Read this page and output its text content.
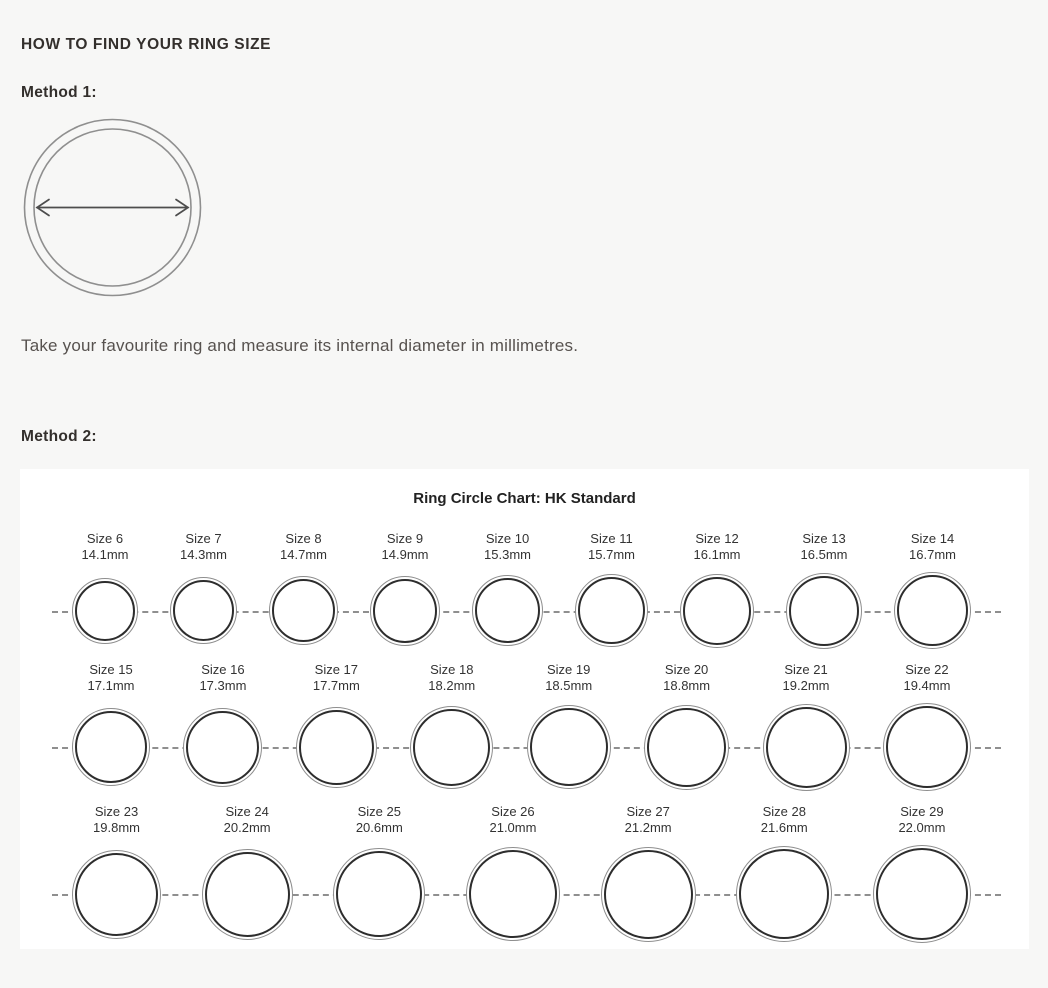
HOW TO FIND YOUR RING SIZE
Method 1:

Take your favourite ring and measure its internal diameter in millimetres.

Method 2:
Ring Circle Chart: HK Standard
Size 6
14.1mm
Size 7
14.3mm
Size 8
14.7mm
Size 9
14.9mm
Size 10
15.3mm
Size 11
15.7mm
Size 12
16.1mm
Size 13
16.5mm
Size 14
16.7mm
Size 15
17.1mm
Size 16
17.3mm
Size 17
17.7mm
Size 18
18.2mm
Size 19
18.5mm
Size 20
18.8mm
Size 21
19.2mm
Size 22
19.4mm
Size 23
19.8mm
Size 24
20.2mm
Size 25
20.6mm
Size 26
21.0mm
Size 27
21.2mm
Size 28
21.6mm
Size 29
22.0mm
